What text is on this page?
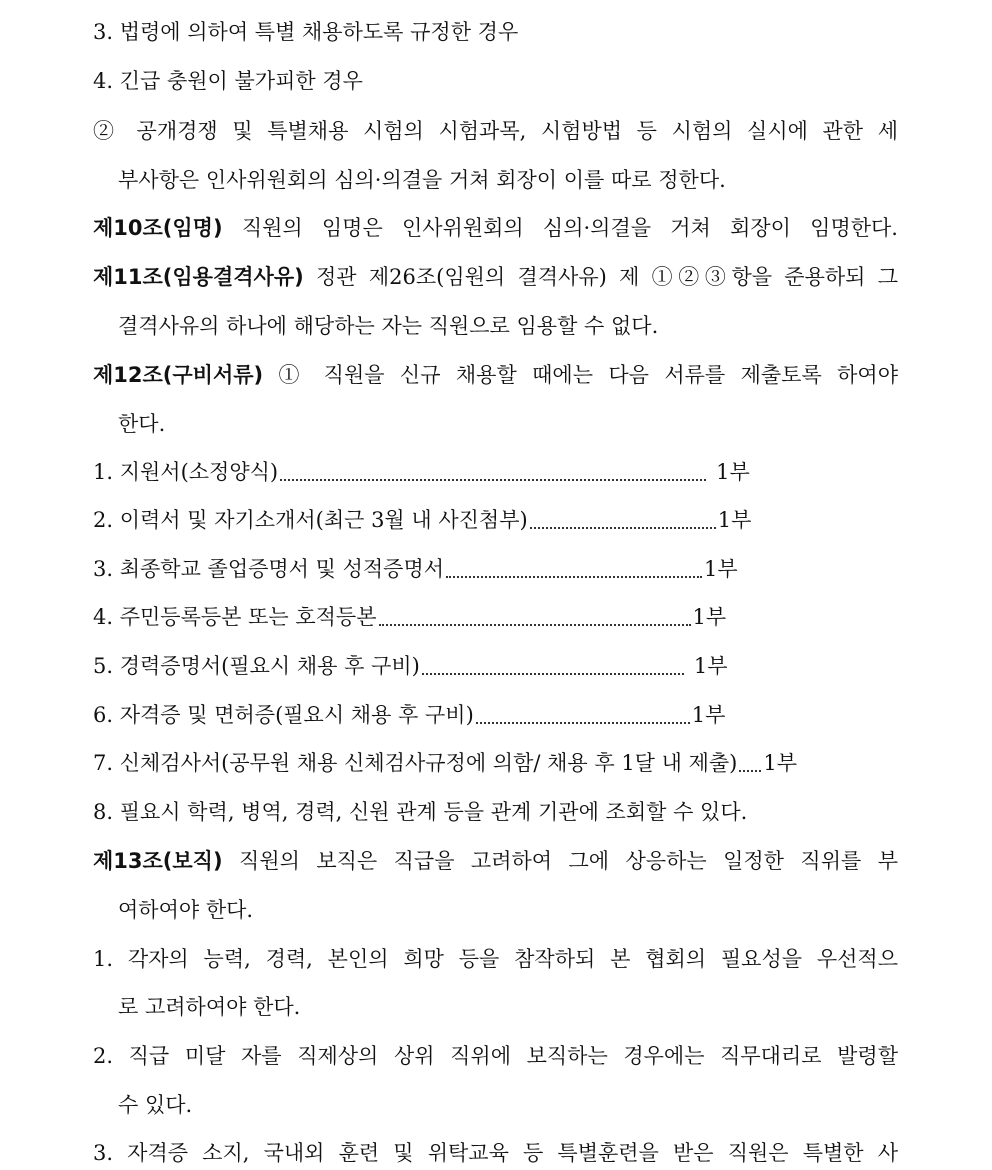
3. 법령에 의하여 특별 채용하도록 규정한 경우
4. 긴급 충원이 불가피한 경우
② 공개경쟁 및 특별채용 시험의 시험과목, 시험방법 등 시험의 실시에 관한 세
부사항은 인사위원회의 심의·의결을 거쳐 회장이 이를 따로 정한다.
제10조(임명) 직원의 임명은 인사위원회의 심의·의결을 거쳐 회장이 임명한다.
제11조(임용결격사유) 정관 제26조(임원의 결격사유) 제 ①②③항을 준용하되 그
결격사유의 하나에 해당하는 자는 직원으로 임용할 수 없다.
제12조(구비서류) ① 직원을 신규 채용할 때에는 다음 서류를 제출토록 하여야
한다.
1. 지원서(소정양식)	1부
2. 이력서 및 자기소개서(최근 3월 내 사진첨부)	1부
3. 최종학교 졸업증명서 및 성적증명서	1부
4. 주민등록등본 또는 호적등본	1부
5. 경력증명서(필요시 채용 후 구비)	1부
6. 자격증 및 면허증(필요시 채용 후 구비)	1부
7. 신체검사서(공무원 채용 신체검사규정에 의함/ 채용 후 1달 내 제출) 1부
8. 필요시 학력, 병역, 경력, 신원 관계 등을 관계 기관에 조회할 수 있다.
제13조(보직) 직원의 보직은 직급을 고려하여 그에 상응하는 일정한 직위를 부
여하여야 한다.
1. 각자의 능력, 경력, 본인의 희망 등을 참작하되 본 협회의 필요성을 우선적으
로 고려하여야 한다.
2. 직급 미달 자를 직제상의 상위 직위에 보직하는 경우에는 직무대리로 발령할
수 있다.
3. 자격증 소지, 국내외 훈련 및 위탁교육 등 특별훈련을 받은 직원은 특별한 사
